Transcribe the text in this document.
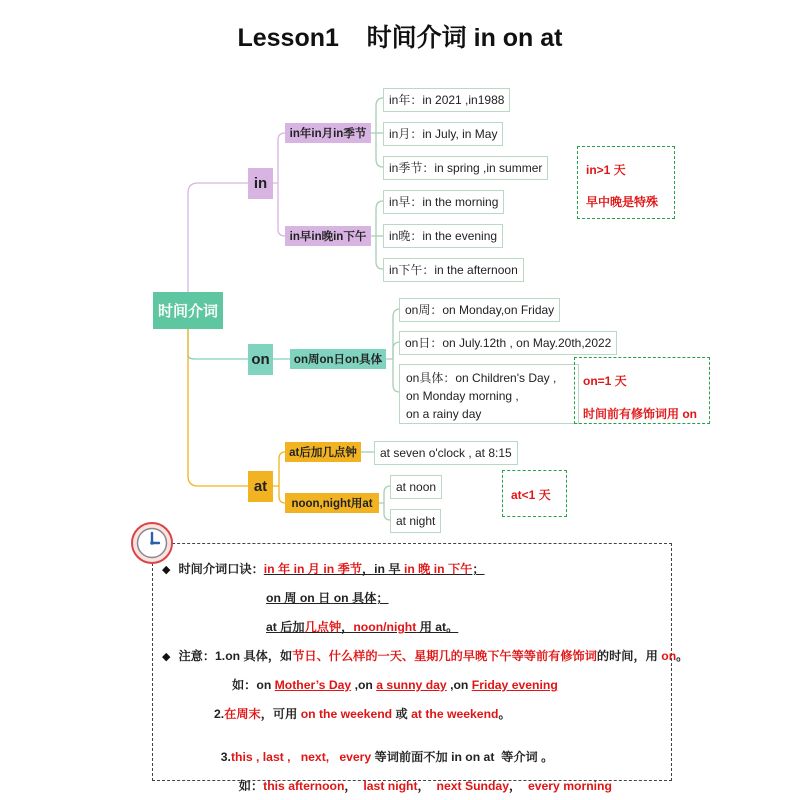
Lesson1    时间介词 in on at
时间介词
in
on
at
in年in月in季节
in早in晚in下午
on周on日on具体
at后加几点钟
noon,night用at
in年：in 2021 ,in1988
in月：in July, in May
in季节：in spring ,in summer
in早：in the morning
in晚：in the evening
in下午：in the afternoon
in>1 天
早中晚是特殊
on周：on Monday,on Friday
on日：on July.12th , on May.20th,2022
on具体：on Children's Day ,
on Monday morning ,
on a rainy day
on=1 天
时间前有修饰词用 on
at seven o'clock , at 8:15
at noon
at night
at<1 天
◆ 时间介词口诀：in 年 in 月 in 季节，in 早 in 晚 in 下午；
on 周 on 日 on 具体；
at 后加几点钟，noon/night 用 at。
◆ 注意：1.on 具体，如节日、什么样的一天、星期几的早晚下午等等前有修饰词的时间，用 on。
如：on Mother’s Day ,on a sunny day ,on Friday evening
2.在周末，可用 on the weekend 或 at the weekend。

3.this , last ,   next,   every 等词前面不加 in on at  等介词 。

如：this afternoon，  last night，  next Sunday，  every morning
